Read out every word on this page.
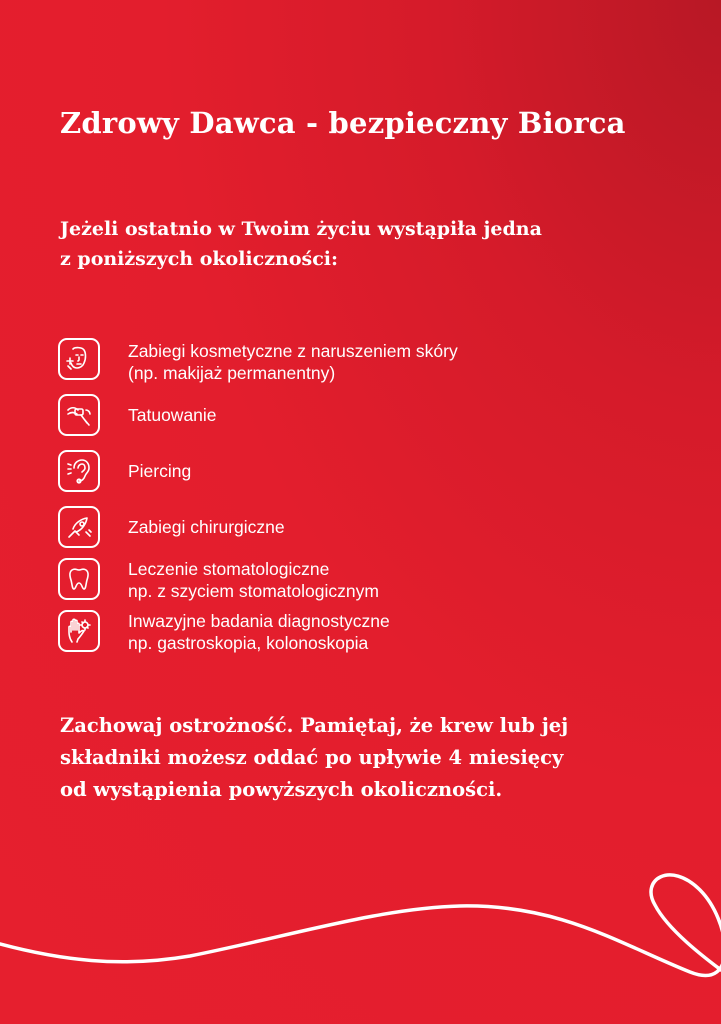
Zdrowy Dawca - bezpieczny Biorca

Jeżeli ostatnio w Twoim życiu wystąpiła jedna
z poniższych okoliczności:

Zabiegi kosmetyczne z naruszeniem skóry
(np. makijaż permanentny)
Tatuowanie
Piercing
Zabiegi chirurgiczne
Leczenie stomatologiczne
np. z szyciem stomatologicznym
Inwazyjne badania diagnostyczne
np. gastroskopia, kolonoskopia

Zachowaj ostrożność. Pamiętaj, że krew lub jej
składniki możesz oddać po upływie 4 miesięcy
od wystąpienia powyższych okoliczności.
